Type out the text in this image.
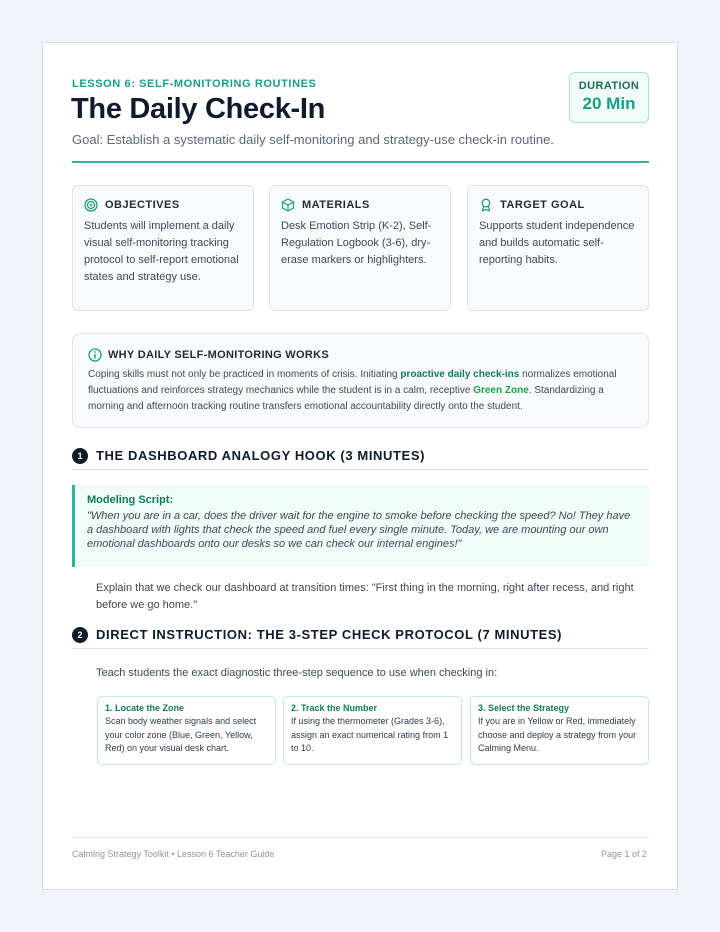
LESSON 6: SELF-MONITORING ROUTINES
The Daily Check-In
Goal: Establish a systematic daily self-monitoring and strategy-use check-in routine.
DURATION
20 Min
OBJECTIVES
Students will implement a daily visual self-monitoring tracking protocol to self-report emotional states and strategy use.
MATERIALS
Desk Emotion Strip (K-2), Self-Regulation Logbook (3-6), dry-erase markers or highlighters.
TARGET GOAL
Supports student independence and builds automatic self-reporting habits.
WHY DAILY SELF-MONITORING WORKS
Coping skills must not only be practiced in moments of crisis. Initiating proactive daily check-ins normalizes emotional fluctuations and reinforces strategy mechanics while the student is in a calm, receptive Green Zone. Standardizing a morning and afternoon tracking routine transfers emotional accountability directly onto the student.
1	THE DASHBOARD ANALOGY HOOK (3 MINUTES)
Modeling Script:
"When you are in a car, does the driver wait for the engine to smoke before checking the speed? No! They have a dashboard with lights that check the speed and fuel every single minute. Today, we are mounting our own emotional dashboards onto our desks so we can check our internal engines!"
Explain that we check our dashboard at transition times: "First thing in the morning, right after recess, and right before we go home."
2	DIRECT INSTRUCTION: THE 3-STEP CHECK PROTOCOL (7 MINUTES)
Teach students the exact diagnostic three-step sequence to use when checking in:
1. Locate the Zone
Scan body weather signals and select your color zone (Blue, Green, Yellow, Red) on your visual desk chart.
2. Track the Number
If using the thermometer (Grades 3-6), assign an exact numerical rating from 1 to 10.
3. Select the Strategy
If you are in Yellow or Red, immediately choose and deploy a strategy from your Calming Menu.
Calming Strategy Toolkit • Lesson 6 Teacher Guide	Page 1 of 2
